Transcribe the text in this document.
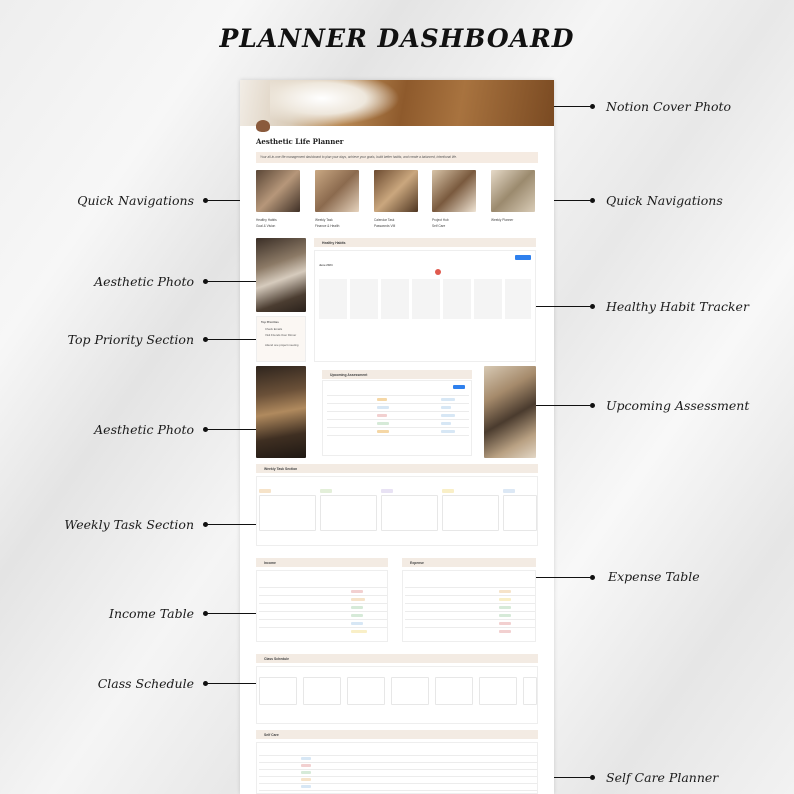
PLANNER DASHBOARD
Aesthetic Life Planner
Your all-in-one life management dashboard to plan your days, achieve your goals, build better habits, and create a balanced, intentional life.
Healthy Habits
Goal & Vision
Weekly Task
Finance & Health
Calendar Task
Passwords VM
Project Hub
Self Care
Weekly Planner
Top Priorities
Check Emails
Visit Friends Over Dinner
Attend one project meeting
Healthy Habits
June 2024
Upcoming Assessment
Weekly Task Section
Income	Expense
Class Schedule
Self Care
Quick Navigations
Aesthetic Photo
Top Priority Section
Aesthetic Photo
Weekly Task Section
Income Table
Class Schedule
Notion Cover Photo
Quick Navigations
Healthy Habit Tracker
Upcoming Assessment
Expense Table
Self Care Planner
